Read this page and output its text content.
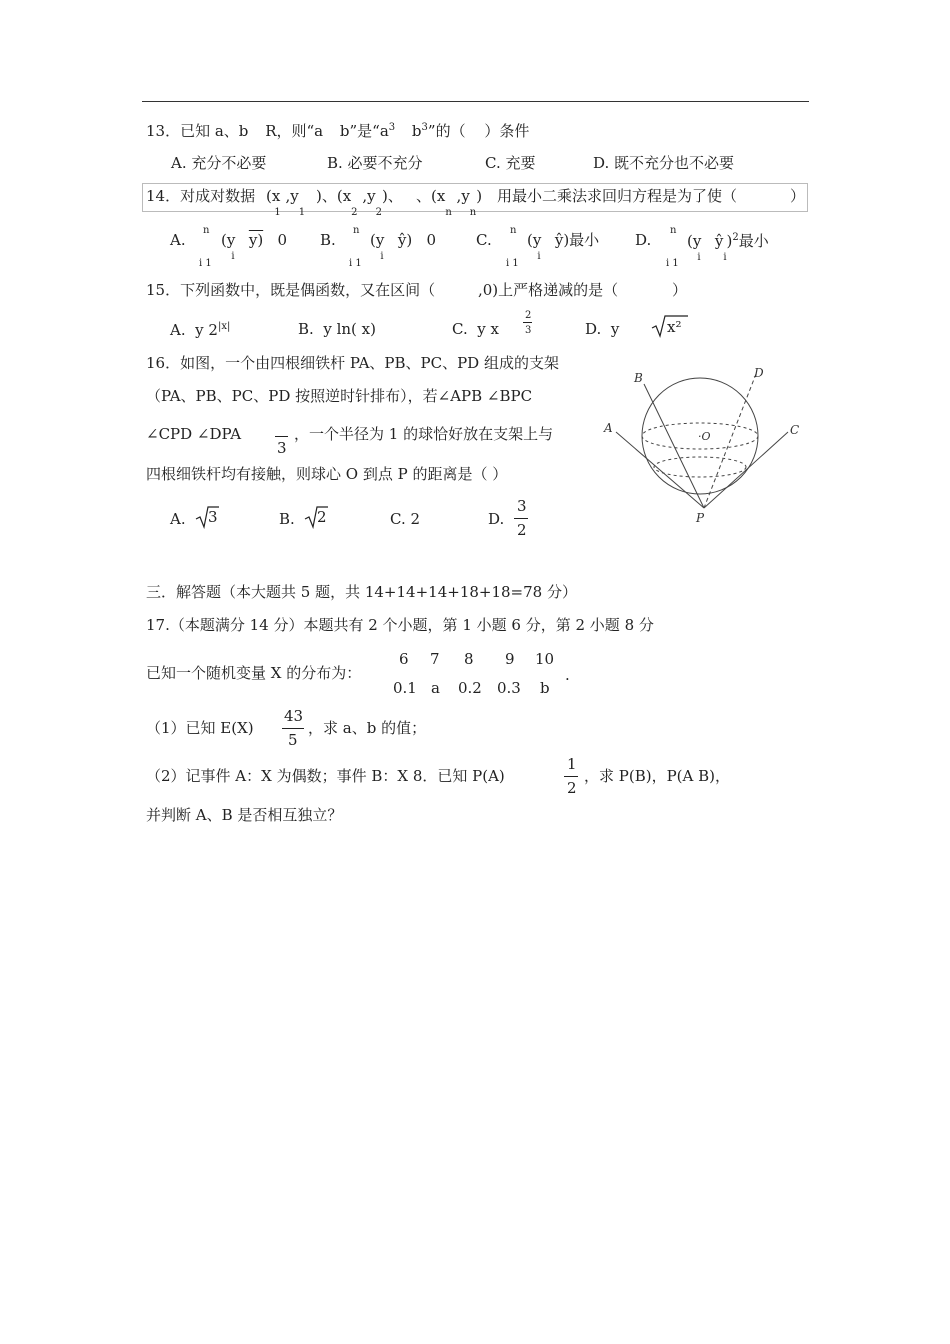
13．已知 a、b R，则“a b”是“$a^3$ $b^3$”的（ ）条件
A. 充分不必要	B. 必要不充分	C. 充要	D. 既不充分也不必要
14．对成对数据 ($x_1$ $,y_1$
)、($x_2$ $,y_2$)、 、($x_n$ $,y_n$) 用最小二乘法求回归方程是为了使（	）
A.
n
i 1
($y_i$   y) 0 B.
n
i 1
($y_i$   ŷ) 0	C.
n
i 1
($y_i$   ŷ)最小 D.
n
i 1
($y_i$   $ŷ_i)^2$最小
15．下列函数中，既是偶函数，又在区间（	,0)上严格递减的是（	）
A. y $2^{|x|}$	B. y ln( x)	C. y x
2
3	D. y	x²
16．如图，一个由四根细铁杆 PA、PB、PC、PD 组成的支架
（PA、PB、PC、PD 按照逆时针排布），若∠APB ∠BPC
∠CPD ∠DPA
3
，一个半径为 1 的球恰好放在支架上与
四根细铁杆均有接触，则球心 O 到点 P 的距离是（ ）
A. 3	B. 2	C. 2	D.
3
2
A
B
C
D
·O
P
三．解答题（本大题共 5 题，共 14+14+14+18+18=78 分）
17.（本题满分 14 分）本题共有 2 个小题，第 1 小题 6 分，第 2 小题 8 分
已知一个随机变量 X 的分布为：
6 7 8 9 10
0.1 a 0.2 0.3 b
.
（1）已知 E(X)
43
5
，求 a、b 的值；
（2）记事件 A：X 为偶数；事件 B：X 8．已知 P(A)
1
2
，求 P(B)，P(A B)，
并判断 A、B 是否相互独立？
